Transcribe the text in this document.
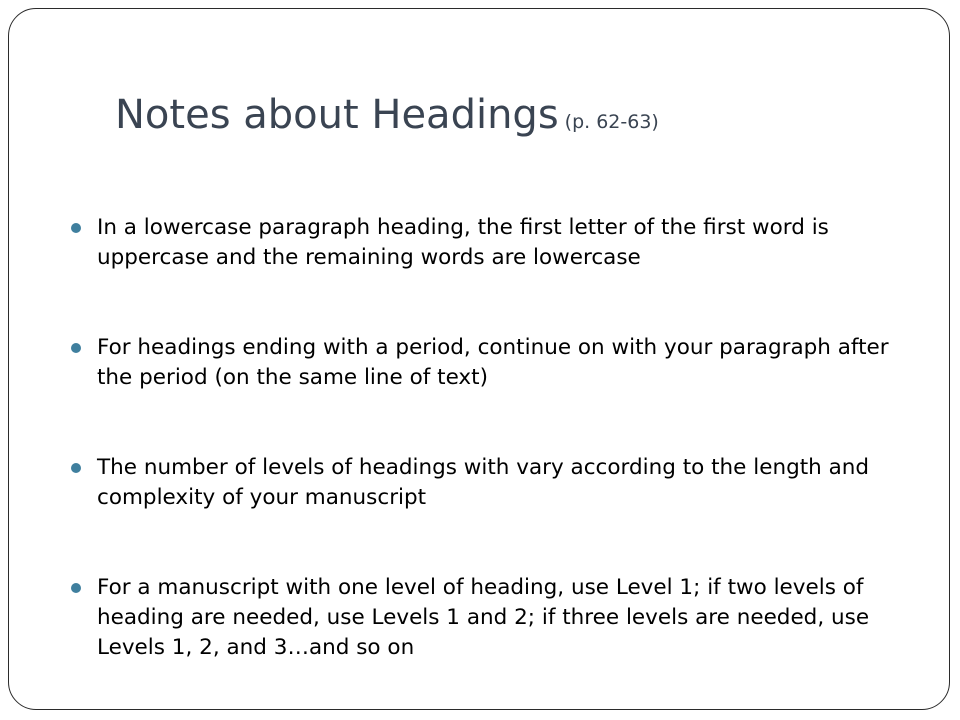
Notes about Headings (p. 62-63)
In a lowercase paragraph heading, the first letter of the first word is uppercase and the remaining words are lowercase
For headings ending with a period, continue on with your paragraph after the period (on the same line of text)
The number of levels of headings with vary according to the length and complexity of your manuscript
For a manuscript with one level of heading, use Level 1; if two levels of heading are needed, use Levels 1 and 2; if three levels are needed, use Levels 1, 2, and 3…and so on
